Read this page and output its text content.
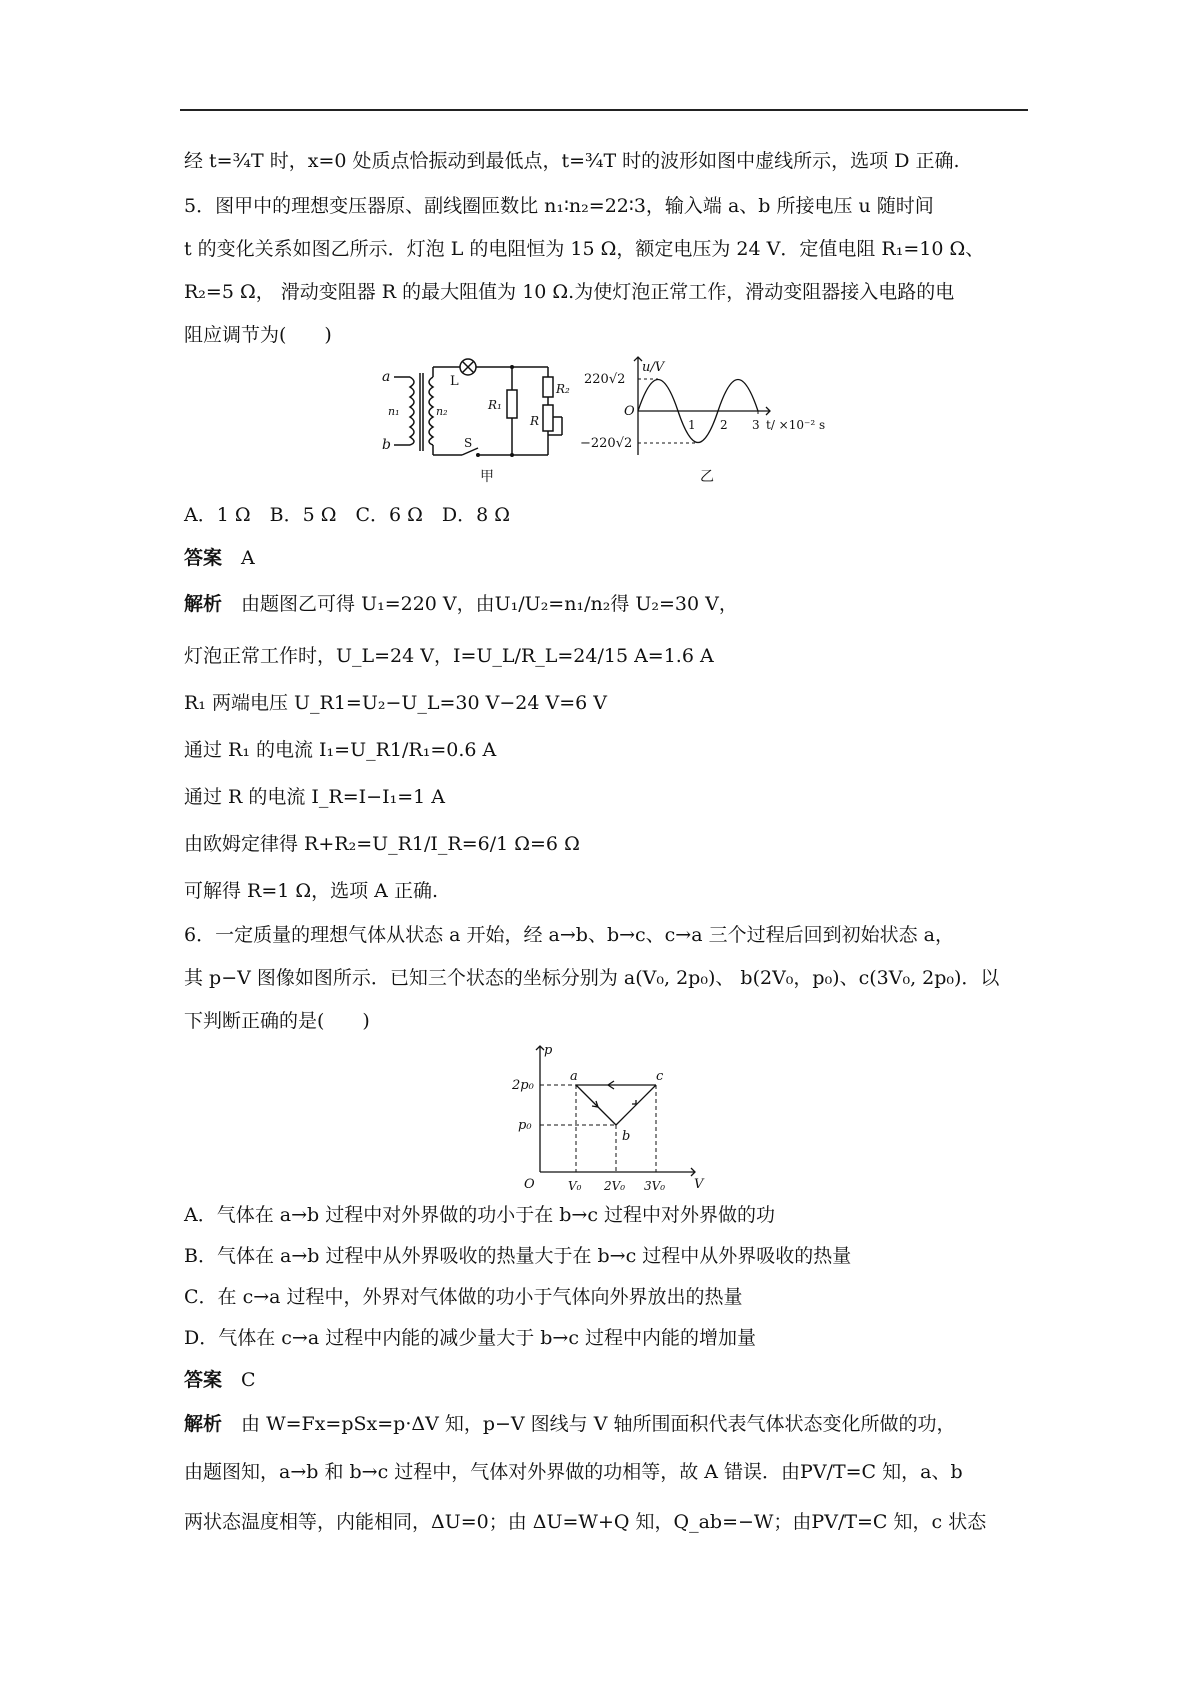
经 t=¾T 时，x=0 处质点恰振动到最低点，t=¾T 时的波形如图中虚线所示，选项 D 正确.
5．图甲中的理想变压器原、副线圈匝数比 n₁∶n₂=22∶3，输入端 a、b 所接电压 u 随时间
t 的变化关系如图乙所示．灯泡 L 的电阻恒为 15 Ω，额定电压为 24 V．定值电阻 R₁=10 Ω、
R₂=5 Ω， 滑动变阻器 R 的最大阻值为 10 Ω.为使灯泡正常工作，滑动变阻器接入电路的电
阻应调节为(　　)
a
b
n₁	n₂
L
S
R₁
R₂
R
甲
220√2
−220√2
O
u/V
1 2 3 t/ ×10⁻² s
乙
A．1 Ω　B．5 Ω　C．6 Ω　D．8 Ω
答案　 A
解析　 由题图乙可得 U₁=220 V，由U₁/U₂=n₁/n₂得 U₂=30 V，
灯泡正常工作时，U_L=24 V，I=U_L/R_L=24/15 A=1.6 A
R₁ 两端电压 U_R1=U₂−U_L=30 V−24 V=6 V
通过 R₁ 的电流 I₁=U_R1/R₁=0.6 A
通过 R 的电流 I_R=I−I₁=1 A
由欧姆定律得 R+R₂=U_R1/I_R=6/1 Ω=6 Ω
可解得 R=1 Ω，选项 A 正确.
6．一定质量的理想气体从状态 a 开始，经 a→b、b→c、c→a 三个过程后回到初始状态 a，
其 p−V 图像如图所示．已知三个状态的坐标分别为 a(V₀, 2p₀)、 b(2V₀，p₀)、c(3V₀, 2p₀)．以
下判断正确的是(　　)
p
V
O
2p₀
p₀
V₀ 2V₀ 3V₀
a
b
c
A．气体在 a→b 过程中对外界做的功小于在 b→c 过程中对外界做的功
B．气体在 a→b 过程中从外界吸收的热量大于在 b→c 过程中从外界吸收的热量
C．在 c→a 过程中，外界对气体做的功小于气体向外界放出的热量
D．气体在 c→a 过程中内能的减少量大于 b→c 过程中内能的增加量
答案　 C
解析　 由 W=Fx=pSx=p·ΔV 知，p−V 图线与 V 轴所围面积代表气体状态变化所做的功，
由题图知，a→b 和 b→c 过程中，气体对外界做的功相等，故 A 错误．由PV/T=C 知，a、b
两状态温度相等，内能相同，ΔU=0；由 ΔU=W+Q 知，Q_ab=−W；由PV/T=C 知，c 状态
